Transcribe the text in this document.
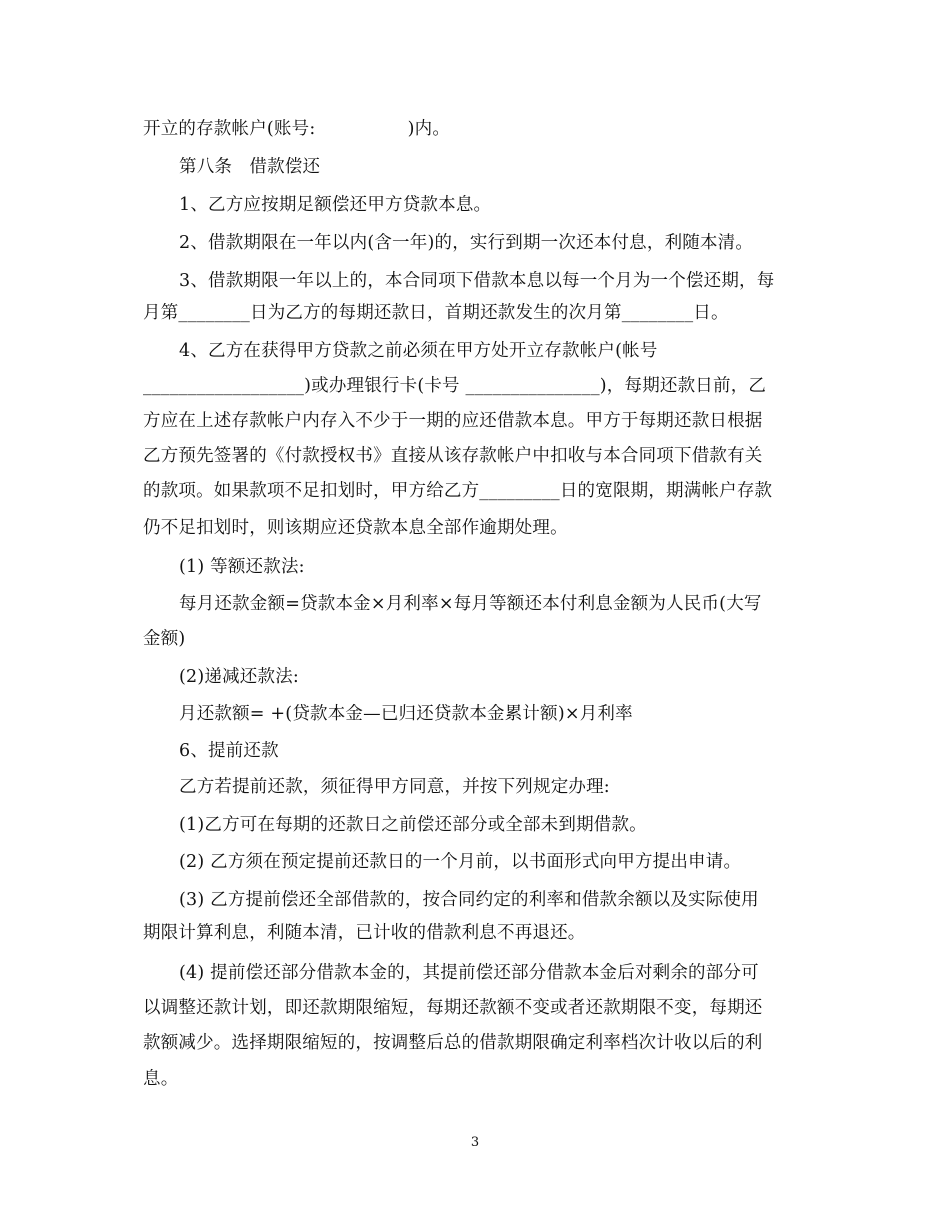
开立的存款帐户(账号:                )内。
第八条   借款偿还
1、乙方应按期足额偿还甲方贷款本息。
2、借款期限在一年以内(含一年)的，实行到期一次还本付息，利随本清。
3、借款期限一年以上的，本合同项下借款本息以每一个月为一个偿还期，每
月第________日为乙方的每期还款日，首期还款发生的次月第________日。
4、乙方在获得甲方贷款之前必须在甲方处开立存款帐户(帐号
__________________)或办理银行卡(卡号 _______________)，每期还款日前，乙
方应在上述存款帐户内存入不少于一期的应还借款本息。甲方于每期还款日根据
乙方预先签署的《付款授权书》直接从该存款帐户中扣收与本合同项下借款有关
的款项。如果款项不足扣划时，甲方给乙方_________日的宽限期，期满帐户存款
仍不足扣划时，则该期应还贷款本息全部作逾期处理。
(1) 等额还款法:
每月还款金额=贷款本金×月利率×每月等额还本付利息金额为人民币(大写
金额)
(2)递减还款法:
月还款额= +(贷款本金—已归还贷款本金累计额)×月利率
6、提前还款
乙方若提前还款，须征得甲方同意，并按下列规定办理:
(1)乙方可在每期的还款日之前偿还部分或全部未到期借款。
(2) 乙方须在预定提前还款日的一个月前，以书面形式向甲方提出申请。
(3) 乙方提前偿还全部借款的，按合同约定的利率和借款余额以及实际使用
期限计算利息，利随本清，已计收的借款利息不再退还。
(4) 提前偿还部分借款本金的，其提前偿还部分借款本金后对剩余的部分可
以调整还款计划，即还款期限缩短，每期还款额不变或者还款期限不变，每期还
款额减少。选择期限缩短的，按调整后总的借款期限确定利率档次计收以后的利
息。
3
